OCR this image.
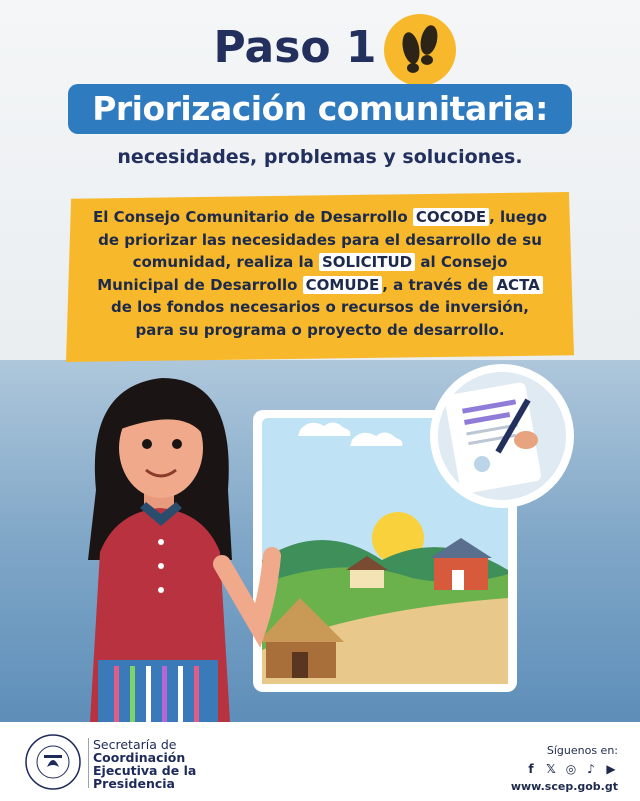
Paso 1
Priorización comunitaria:
necesidades, problemas y soluciones.
El Consejo Comunitario de Desarrollo COCODE , luego de priorizar las necesidades para el desarrollo de su comunidad, realiza la SOLICITUD al Consejo Municipal de Desarrollo COMUDE , a través de ACTA de los fondos necesarios o recursos de inversión, para su programa o proyecto de desarrollo.
Secretaría de
Coordinación
Ejecutiva de la
Presidencia
Síguenos en:
f	𝕏 ◎ ♪ ▶
www.scep.gob.gt
